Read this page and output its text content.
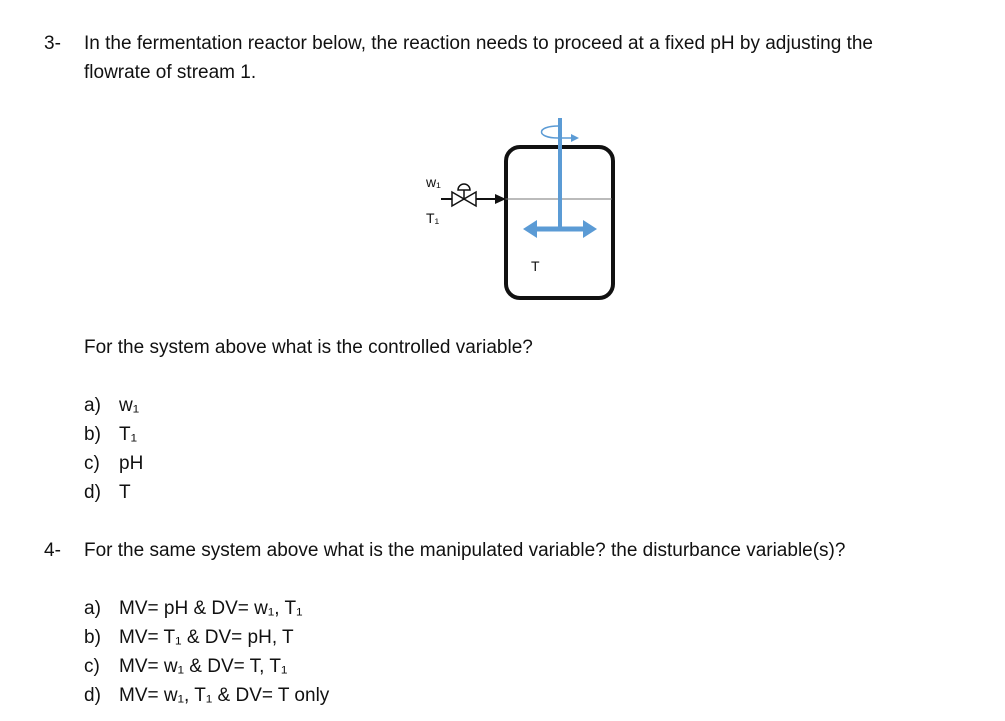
3- In the fermentation reactor below, the reaction needs to proceed at a fixed pH by adjusting the
flowrate of stream 1.
w₁
T₁
T
For the system above what is the controlled variable?
a) w₁
b) T₁
c) pH
d) T
4- For the same system above what is the manipulated variable? the disturbance variable(s)?
a) MV= pH & DV= w₁, T₁
b) MV= T₁ & DV= pH, T
c) MV= w₁ & DV= T, T₁
d) MV= w₁, T₁ & DV= T only
